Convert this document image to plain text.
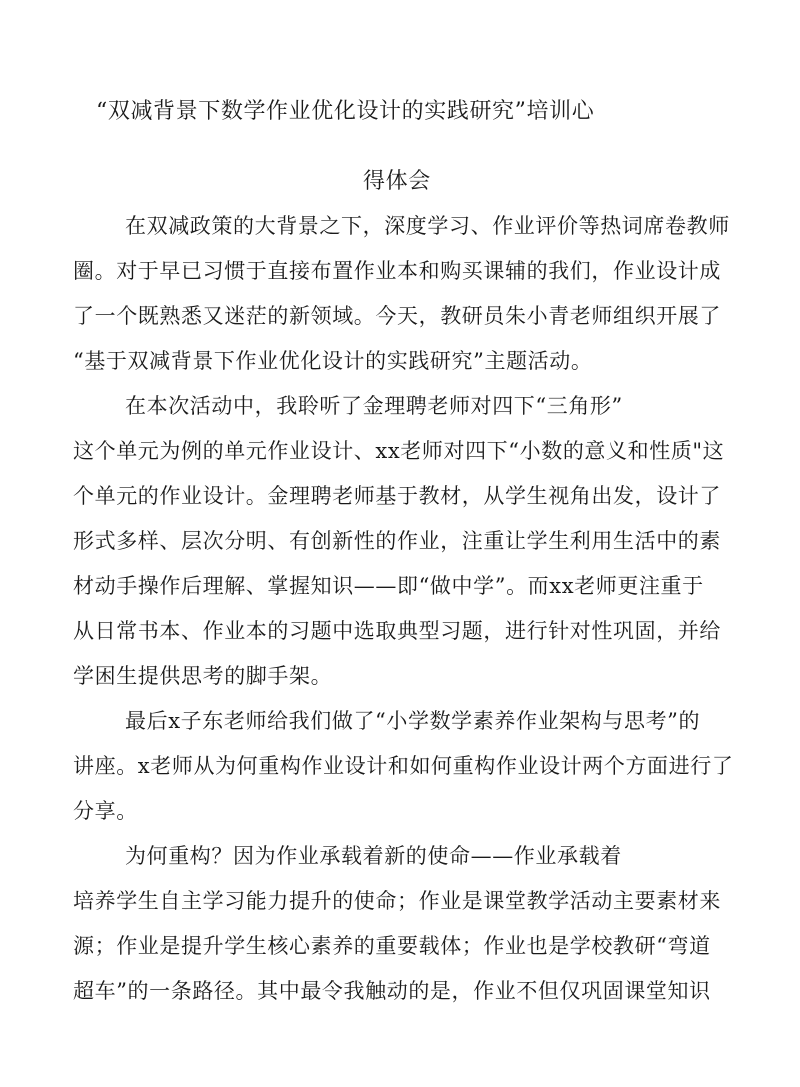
“双减背景下数学作业优化设计的实践研究”培训心
得体会
在双减政策的大背景之下，深度学习、作业评价等热词席卷教师
圈。对于早已习惯于直接布置作业本和购买课辅的我们，作业设计成
了一个既熟悉又迷茫的新领域。今天，教研员朱小青老师组织开展了
“基于双减背景下作业优化设计的实践研究”主题活动。
在本次活动中，我聆听了金理聘老师对四下“三角形”
这个单元为例的单元作业设计、xx老师对四下“小数的意义和性质"这
个单元的作业设计。金理聘老师基于教材，从学生视角出发，设计了
形式多样、层次分明、有创新性的作业，注重让学生利用生活中的素
材动手操作后理解、掌握知识——即“做中学”。而xx老师更注重于
从日常书本、作业本的习题中选取典型习题，进行针对性巩固，并给
学困生提供思考的脚手架。
最后x子东老师给我们做了“小学数学素养作业架构与思考”的
讲座。x老师从为何重构作业设计和如何重构作业设计两个方面进行了
分享。
为何重构？因为作业承载着新的使命——作业承载着
培养学生自主学习能力提升的使命；作业是课堂教学活动主要素材来
源；作业是提升学生核心素养的重要载体；作业也是学校教研“弯道
超车”的一条路径。其中最令我触动的是，作业不但仅巩固课堂知识
